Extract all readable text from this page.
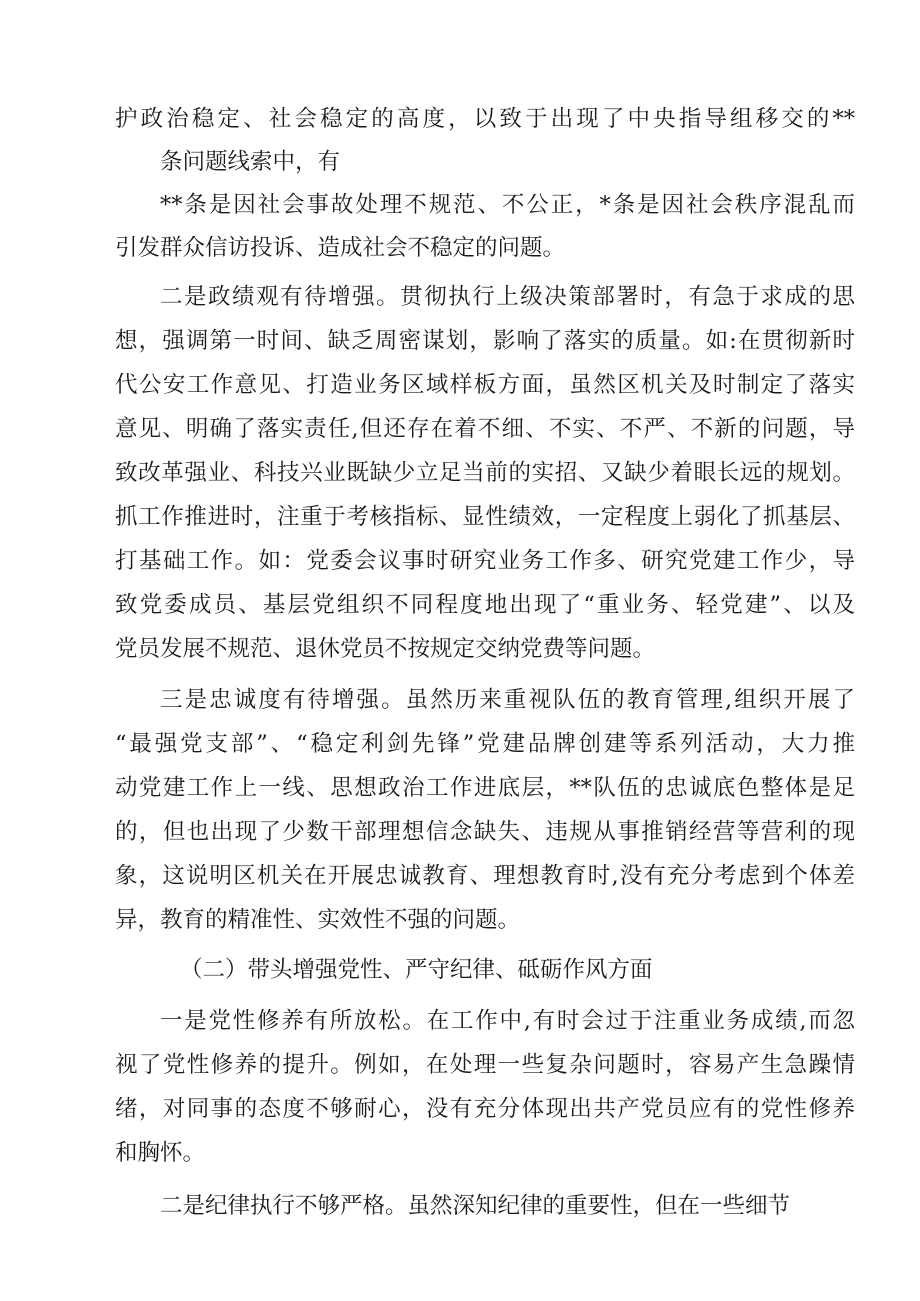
护政治稳定、社会稳定的高度，以致于出现了中央指导组移交的**
条问题线索中，有
**条是因社会事故处理不规范、不公正，*条是因社会秩序混乱而
引发群众信访投诉、造成社会不稳定的问题。
二是政绩观有待增强。贯彻执行上级决策部署时，有急于求成的思
想，强调第一时间、缺乏周密谋划，影响了落实的质量。如:在贯彻新时
代公安工作意见、打造业务区域样板方面，虽然区机关及时制定了落实
意见、明确了落实责任,但还存在着不细、不实、不严、不新的问题，导
致改革强业、科技兴业既缺少立足当前的实招、又缺少着眼长远的规划。
抓工作推进时，注重于考核指标、显性绩效，一定程度上弱化了抓基层、
打基础工作。如：党委会议事时研究业务工作多、研究党建工作少，导
致党委成员、基层党组织不同程度地出现了“重业务、轻党建”、以及
党员发展不规范、退休党员不按规定交纳党费等问题。
三是忠诚度有待增强。虽然历来重视队伍的教育管理,组织开展了
“最强党支部”、“稳定利剑先锋”党建品牌创建等系列活动，大力推
动党建工作上一线、思想政治工作进底层，**队伍的忠诚底色整体是足
的，但也出现了少数干部理想信念缺失、违规从事推销经营等营利的现
象，这说明区机关在开展忠诚教育、理想教育时,没有充分考虑到个体差
异，教育的精准性、实效性不强的问题。
（二）带头增强党性、严守纪律、砥砺作风方面
一是党性修养有所放松。在工作中,有时会过于注重业务成绩,而忽
视了党性修养的提升。例如，在处理一些复杂问题时，容易产生急躁情
绪，对同事的态度不够耐心，没有充分体现出共产党员应有的党性修养
和胸怀。
二是纪律执行不够严格。虽然深知纪律的重要性，但在一些细节
